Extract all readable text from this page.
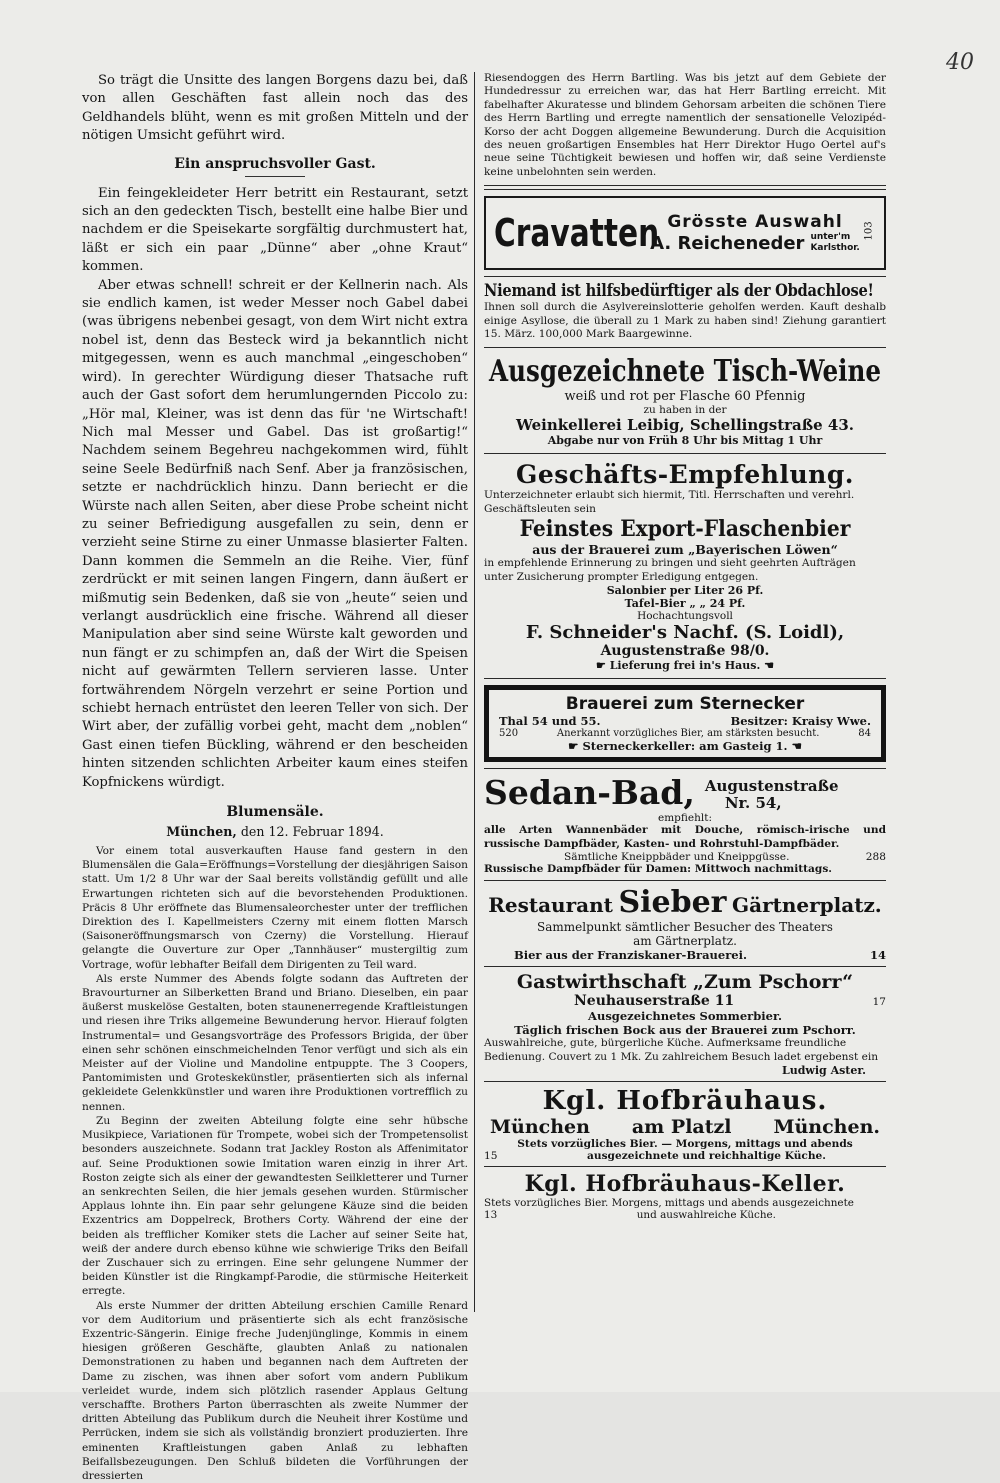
40

So trägt die Unsitte des langen Borgens dazu bei, daß von allen Geschäften fast allein noch das des Geldhandels blüht, wenn es mit großen Mitteln und der nötigen Umsicht geführt wird.

Ein anspruchsvoller Gast.

Ein feingekleideter Herr betritt ein Restaurant, setzt sich an den gedeckten Tisch, bestellt eine halbe Bier und nachdem er die Speisekarte sorgfältig durchmustert hat, läßt er sich ein paar „Dünne“ aber „ohne Kraut“ kommen.

Aber etwas schnell! schreit er der Kellnerin nach. Als sie endlich kamen, ist weder Messer noch Gabel dabei (was übrigens nebenbei gesagt, von dem Wirt nicht extra nobel ist, denn das Besteck wird ja bekanntlich nicht mitgegessen, wenn es auch manchmal „eingeschoben“ wird). In gerechter Würdigung dieser Thatsache ruft auch der Gast sofort dem herumlungernden Piccolo zu: „Hör mal, Kleiner, was ist denn das für 'ne Wirtschaft! Nich mal Messer und Gabel. Das ist großartig!“ Nachdem seinem Begehreu nachgekommen wird, fühlt seine Seele Bedürfniß nach Senf. Aber ja französischen, setzte er nachdrücklich hinzu. Dann beriecht er die Würste nach allen Seiten, aber diese Probe scheint nicht zu seiner Befriedigung ausgefallen zu sein, denn er verzieht seine Stirne zu einer Unmasse blasierter Falten. Dann kommen die Semmeln an die Reihe. Vier, fünf zerdrückt er mit seinen langen Fingern, dann äußert er mißmutig sein Bedenken, daß sie von „heute“ seien und verlangt ausdrücklich eine frische. Während all dieser Manipulation aber sind seine Würste kalt geworden und nun fängt er zu schimpfen an, daß der Wirt die Speisen nicht auf gewärmten Tellern servieren lasse. Unter fortwährendem Nörgeln verzehrt er seine Portion und schiebt hernach entrüstet den leeren Teller von sich. Der Wirt aber, der zufällig vorbei geht, macht dem „noblen“ Gast einen tiefen Bückling, während er den bescheiden hinten sitzenden schlichten Arbeiter kaum eines steifen Kopfnickens würdigt.

Blumensäle.
München, den 12. Februar 1894.

Vor einem total ausverkauften Hause fand gestern in den Blumensälen die Gala=Eröffnungs=Vorstellung der diesjährigen Saison statt. Um 1/2 8 Uhr war der Saal bereits vollständig gefüllt und alle Erwartungen richteten sich auf die bevorstehenden Produktionen. Präcis 8 Uhr eröffnete das Blumensaleorchester unter der trefflichen Direktion des I. Kapellmeisters Czerny mit einem flotten Marsch (Saisoneröffnungsmarsch von Czerny) die Vorstellung. Hierauf gelangte die Ouverture zur Oper „Tannhäuser“ mustergiltig zum Vortrage, wofür lebhafter Beifall dem Dirigenten zu Teil ward.

Als erste Nummer des Abends folgte sodann das Auftreten der Bravourturner an Silberketten Brand und Briano. Dieselben, ein paar äußerst muskelöse Gestalten, boten staunenerregende Kraftleistungen und riesen ihre Triks allgemeine Bewunderung hervor. Hierauf folgten Instrumental= und Gesangsvorträge des Professors Brigida, der über einen sehr schönen einschmeichelnden Tenor verfügt und sich als ein Meister auf der Violine und Mandoline entpuppte. The 3 Coopers, Pantomimisten und Groteskekünstler, präsentierten sich als infernal gekleidete Gelenkkünstler und waren ihre Produktionen vortrefflich zu nennen.

Zu Beginn der zweiten Abteilung folgte eine sehr hübsche Musikpiece, Variationen für Trompete, wobei sich der Trompetensolist besonders auszeichnete. Sodann trat Jackley Roston als Affenimitator auf. Seine Produktionen sowie Imitation waren einzig in ihrer Art. Roston zeigte sich als einer der gewandtesten Seilkletterer und Turner an senkrechten Seilen, die hier jemals gesehen wurden. Stürmischer Applaus lohnte ihn. Ein paar sehr gelungene Käuze sind die beiden Exzentrics am Doppelreck, Brothers Corty. Während der eine der beiden als trefflicher Komiker stets die Lacher auf seiner Seite hat, weiß der andere durch ebenso kühne wie schwierige Triks den Beifall der Zuschauer sich zu erringen. Eine sehr gelungene Nummer der beiden Künstler ist die Ringkampf-Parodie, die stürmische Heiterkeit erregte.

Als erste Nummer der dritten Abteilung erschien Camille Renard vor dem Auditorium und präsentierte sich als echt französische Exzentric-Sängerin. Einige freche Judenjünglinge, Kommis in einem hiesigen größeren Geschäfte, glaubten Anlaß zu nationalen Demonstrationen zu haben und begannen nach dem Auftreten der Dame zu zischen, was ihnen aber sofort vom andern Publikum verleidet wurde, indem sich plötzlich rasender Applaus Geltung verschaffte. Brothers Parton überraschten als zweite Nummer der dritten Abteilung das Publikum durch die Neuheit ihrer Kostüme und Perrücken, indem sie sich als vollständig bronziert produzierten. Ihre eminenten Kraftleistungen gaben Anlaß zu lebhaften Beifallsbezeugungen. Den Schluß bildeten die Vorführungen der dressierten

Riesendoggen des Herrn Bartling. Was bis jetzt auf dem Gebiete der Hundedressur zu erreichen war, das hat Herr Bartling erreicht. Mit fabelhafter Akuratesse und blindem Gehorsam arbeiten die schönen Tiere des Herrn Bartling und erregte namentlich der sensationelle Velozipéd-Korso der acht Doggen allgemeine Bewunderung. Durch die Acquisition des neuen großartigen Ensembles hat Herr Direktor Hugo Oertel auf's neue seine Tüchtigkeit bewiesen und hoffen wir, daß seine Verdienste keine unbelohnten sein werden.

Cravatten Grösste Auswahl
A. Reicheneder unter'm
Karlsthor.
103
Niemand ist hilfsbedürftiger als der Obdachlose!

Ihnen soll durch die Asylvereinslotterie geholfen werden. Kauft deshalb einige Asyllose, die überall zu 1 Mark zu haben sind! Ziehung garantiert 15. März. 100,000 Mark Baargewinne.

Ausgezeichnete Tisch-Weine
weiß und rot per Flasche 60 Pfennig
zu haben in der
Weinkellerei Leibig, Schellingstraße 43.
Abgabe nur von Früh 8 Uhr bis Mittag 1 Uhr
Geschäfts-Empfehlung.

Unterzeichneter erlaubt sich hiermit, Titl. Herrschaften und verehrl. Geschäftsleuten sein

Feinstes Export-Flaschenbier
aus der Brauerei zum „Bayerischen Löwen“

in empfehlende Erinnerung zu bringen und sieht geehrten Aufträgen unter Zusicherung prompter Erledigung entgegen.

Salonbier per Liter 26 Pf.
Tafel-Bier „ „ 24 Pf.
Hochachtungsvoll
F. Schneider's Nachf. (S. Loidl),
Augustenstraße 98/0.
☛ Lieferung frei in's Haus. ☚
Brauerei zum Sternecker
Thal 54 und 55.	Besitzer: Kraisy Wwe.
520	Anerkannt vorzügliches Bier, am stärksten besucht.	84
☛ Sterneckerkeller: am Gasteig 1. ☚
Sedan-Bad, Augustenstraße
Nr. 54,
empfiehlt:

alle Arten Wannenbäder mit Douche, römisch-irische und russische Dampfbäder, Kasten- und Rohrstuhl-Dampfbäder.

Sämtliche Kneippbäder und Kneippgüsse.	288
Russische Dampfbäder für Damen: Mittwoch nachmittags.
Restaurant Sieber Gärtnerplatz.
Sammelpunkt sämtlicher Besucher des Theaters
am Gärtnerplatz.
Bier aus der Franziskaner-Brauerei.	14
Gastwirthschaft „Zum Pschorr“
Neuhauserstraße 11	17
Ausgezeichnetes Sommerbier.
Täglich frischen Bock aus der Brauerei zum Pschorr.

Auswahlreiche, gute, bürgerliche Küche. Aufmerksame freundliche Bedienung. Couvert zu 1 Mk. Zu zahlreichem Besuch ladet ergebenst ein

Ludwig Aster.
Kgl. Hofbräuhaus.
München am Platzl München.
Stets vorzügliches Bier. — Morgens, mittags und abends
15	ausgezeichnete und reichhaltige Küche.
Kgl. Hofbräuhaus-Keller.
Stets vorzügliches Bier. Morgens, mittags und abends ausgezeichnete
13	und auswahlreiche Küche.
